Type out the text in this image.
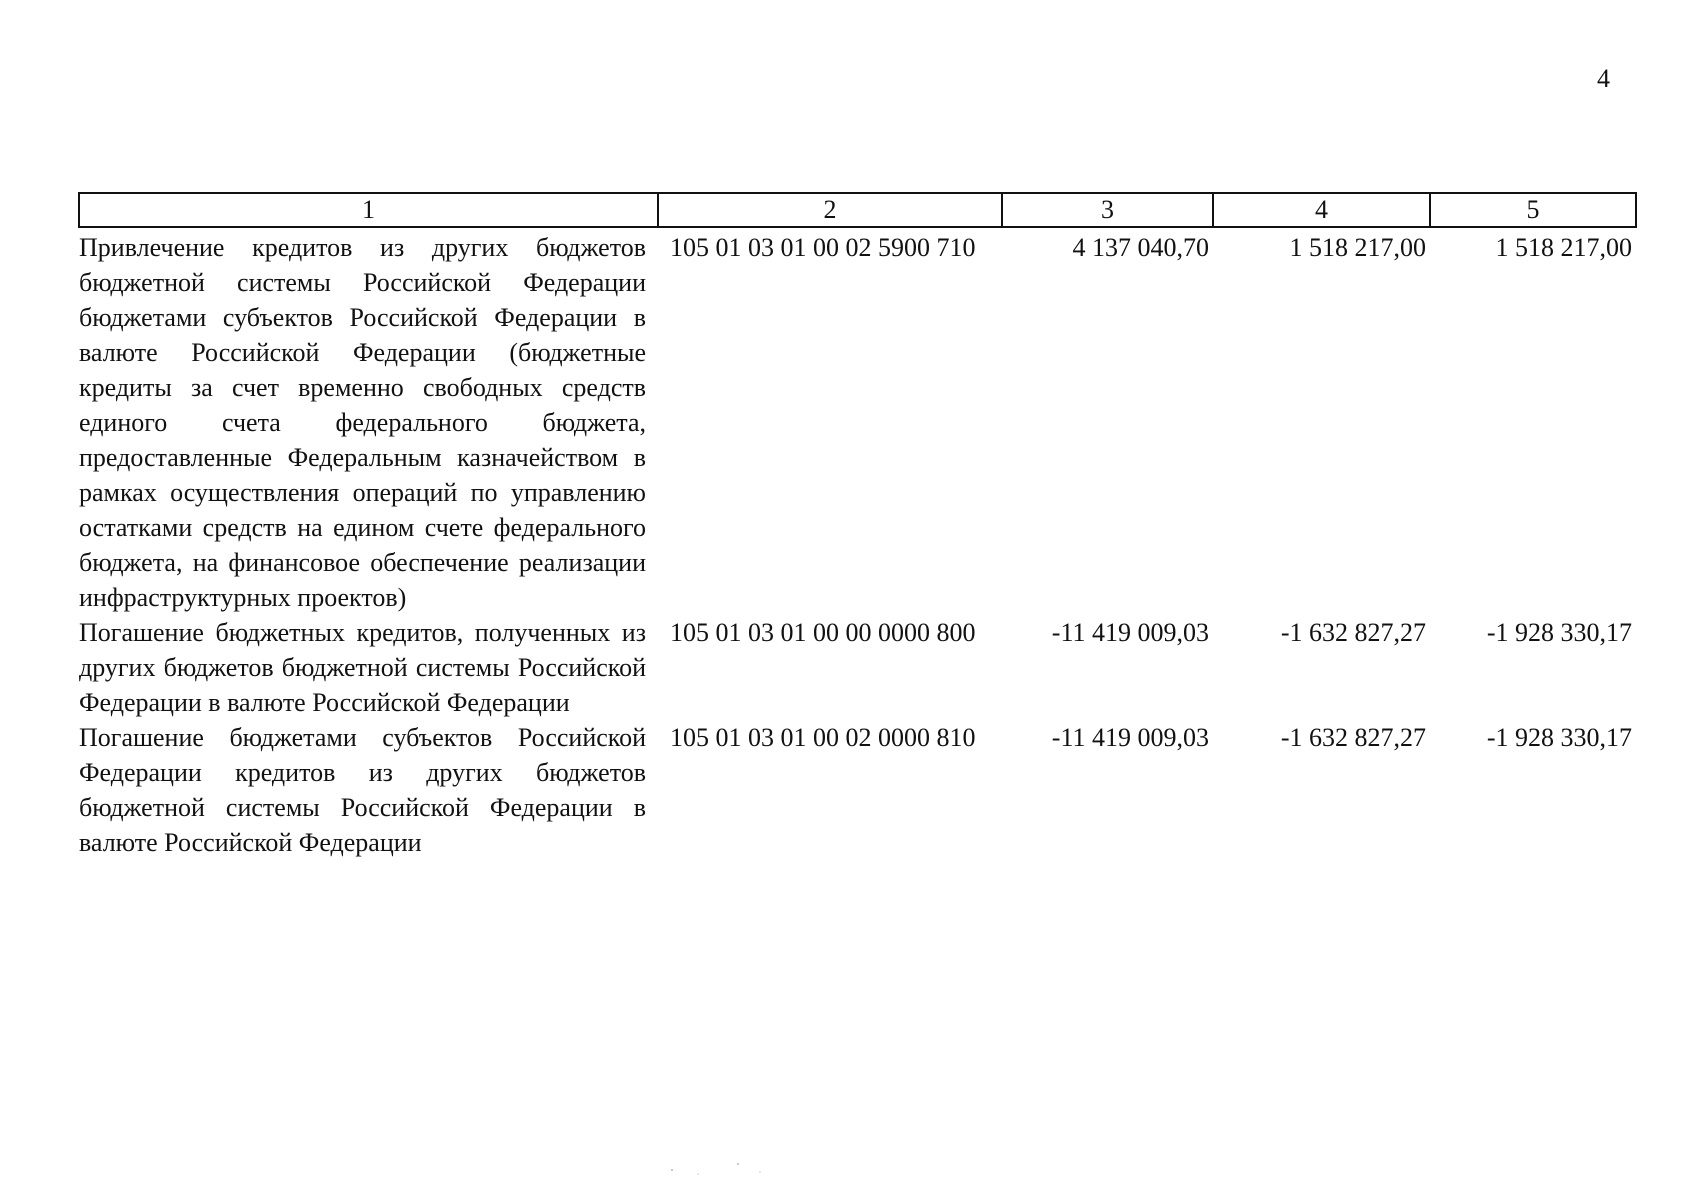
4
1	2	3	4	5
Привлечение кредитов из других бюджетов бюджетной системы Российской Федерации бюджетами субъектов Российской Федерации в валюте Российской Федерации (бюджетные кредиты за счет временно свободных средств единого счета федерального бюджета, предоставленные Федеральным казначейством в рамках осуществления операций по управлению остатками средств на едином счете федерального бюджета, на финансовое обеспечение реализации инфраструктурных проектов)	105 01 03 01 00 02 5900 710	4 137 040,70	1 518 217,00	1 518 217,00
Погашение бюджетных кредитов, полученных из других бюджетов бюджетной системы Российской Федерации в валюте Российской Федерации	105 01 03 01 00 00 0000 800	-11 419 009,03	-1 632 827,27	-1 928 330,17
Погашение бюджетами субъектов Российской Федерации кредитов из других бюджетов бюджетной системы Российской Федерации в валюте Российской Федерации	105 01 03 01 00 02 0000 810	-11 419 009,03	-1 632 827,27	-1 928 330,17
